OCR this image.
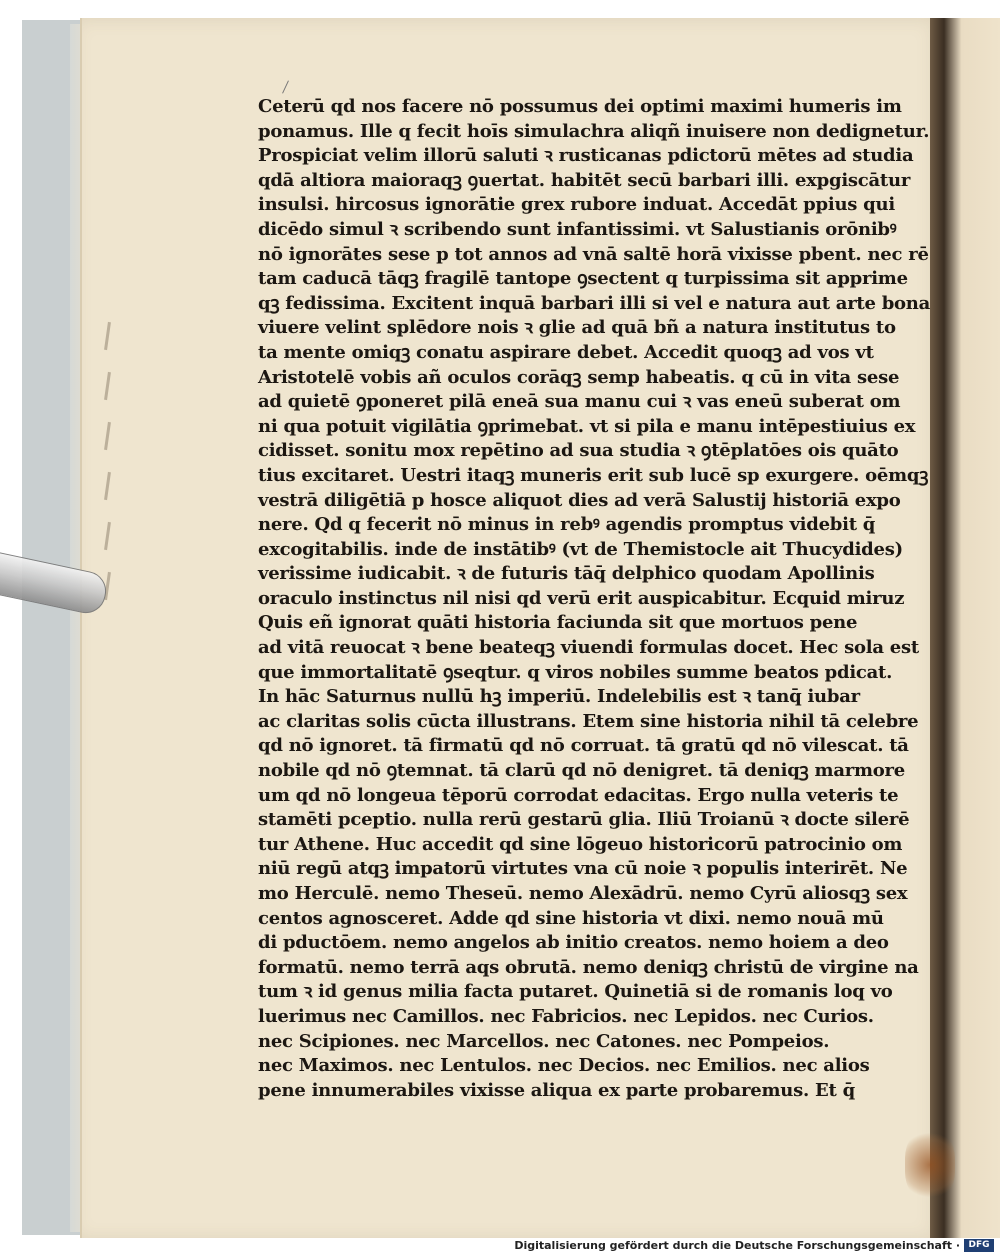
Ceterū qd nos facere nō possumus dei optimi maximi humeris im
ponamus. Ille q fecit hoīs simulachra aliqñ inuisere non dedignetur.
Prospiciat velim illorū saluti ꝛ rusticanas pdictorū mētes ad studia
qdā altiora maioraqꝫ ꝯuertat. habitēt secū barbari illi. expgiscātur
insulsi. hircosus ignorātie grex rubore induat. Accedāt ppius qui
dicēdo simul ꝛ scribendo sunt infantissimi. vt Salustianis orōnibꝰ
nō ignorātes sese p tot annos ad vnā saltē horā vixisse pbent. nec rē
tam caducā tāqꝫ fragilē tantope ꝯsectent q turpissima sit apprime
qꝫ fedissima. Excitent inquā barbari illi si vel e natura aut arte bona
viuere velint splēdore nois ꝛ glie ad quā bñ a natura institutus to
ta mente omiqꝫ conatu aspirare debet. Accedit quoqꝫ ad vos vt
Aristotelē vobis añ oculos corāqꝫ semp habeatis. q cū in vita sese
ad quietē ꝯponeret pilā eneā sua manu cui ꝛ vas eneū suberat om
ni qua potuit vigilātia ꝯprimebat. vt si pila e manu intēpestiuius ex
cidisset. sonitu mox repētino ad sua studia ꝛ ꝯtēplatōes ois quāto
tius excitaret. Uestri itaqꝫ muneris erit sub lucē sp exurgere. oēmqꝫ
vestrā diligētiā p hosce aliquot dies ad verā Salustij historiā expo
nere. Qd q fecerit nō minus in rebꝰ agendis promptus videbit q̄
excogitabilis. inde de instātibꝰ (vt de Themistocle ait Thucydides)
verissime iudicabit. ꝛ de futuris tāq̄ delphico quodam Apollinis
oraculo instinctus nil nisi qd verū erit auspicabitur. Ecquid miruz
Quis eñ ignorat quāti historia faciunda sit que mortuos pene
ad vitā reuocat ꝛ bene beateqꝫ viuendi formulas docet. Hec sola est
que immortalitatē ꝯseqtur. q viros nobiles summe beatos pdicat.
In hāc Saturnus nullū hꝫ imperiū. Indelebilis est ꝛ tanq̄ iubar
ac claritas solis cūcta illustrans. Etem sine historia nihil tā celebre
qd nō ignoret. tā firmatū qd nō corruat. tā gratū qd nō vilescat. tā
nobile qd nō ꝯtemnat. tā clarū qd nō denigret. tā deniqꝫ marmore
um qd nō longeua tēporū corrodat edacitas. Ergo nulla veteris te
stamēti pceptio. nulla rerū gestarū glia. Iliū Troianū ꝛ docte silerē
tur Athene. Huc accedit qd sine lōgeuo historicorū patrocinio om
niū regū atqꝫ impatorū virtutes vna cū noie ꝛ populis interirēt. Ne
mo Herculē. nemo Theseū. nemo Alexādrū. nemo Cyrū aliosqꝫ sex
centos agnosceret. Adde qd sine historia vt dixi. nemo nouā mū
di pductōem. nemo angelos ab initio creatos. nemo hoiem a deo
formatū. nemo terrā aqs obrutā. nemo deniqꝫ christū de virgine na
tum ꝛ id genus milia facta putaret. Quinetiā si de romanis loq vo
luerimus nec Camillos. nec Fabricios. nec Lepidos. nec Curios.
nec Scipiones. nec Marcellos. nec Catones. nec Pompeios.
nec Maximos. nec Lentulos. nec Decios. nec Emilios. nec alios
pene innumerabiles vixisse aliqua ex parte probaremus. Et q̄
Digitalisierung gefördert durch die Deutsche Forschungsgemeinschaft · DFG
